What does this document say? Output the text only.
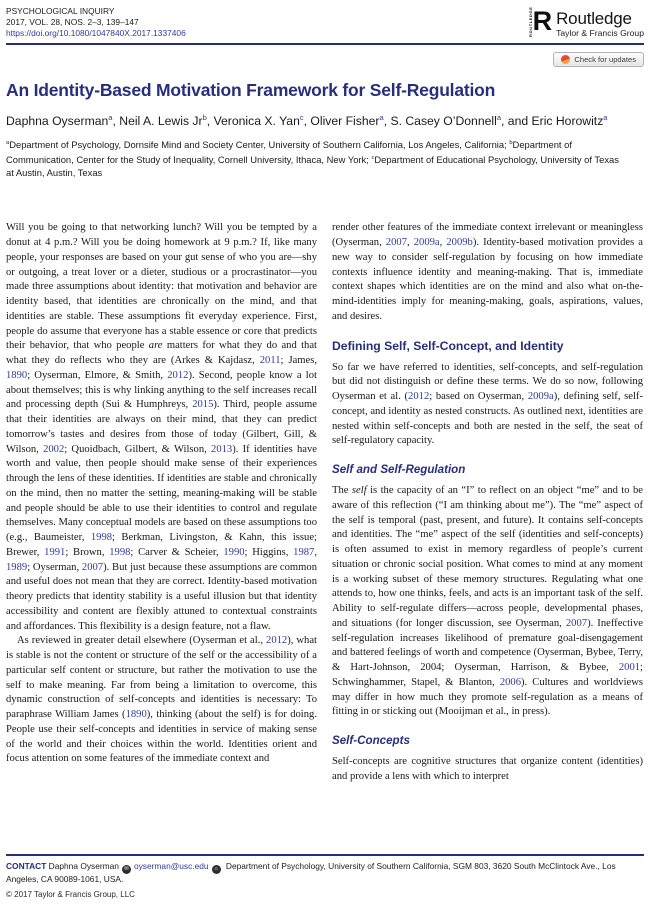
PSYCHOLOGICAL INQUIRY
2017, VOL. 28, NOS. 2–3, 139–147
https://doi.org/10.1080/1047840X.2017.1337406	ROUTLEDGE R Routledge
Taylor & Francis Group
Check for updates
An Identity-Based Motivation Framework for Self-Regulation
Daphna Oyserman$^a$, Neil A. Lewis Jr$^b$, Veronica X. Yan$^c$, Oliver Fisher$^a$, S. Casey O’Donnell$^a$, and Eric Horowitz$^a$
$^a$Department of Psychology, Dornsife Mind and Society Center, University of Southern California, Los Angeles, California; $^b$Department of Communication, Center for the Study of Inequality, Cornell University, Ithaca, New York; $^c$Department of Educational Psychology, University of Texas at Austin, Austin, Texas

Will you be going to that networking lunch? Will you be tempted by a donut at 4 p.m.? Will you be doing homework at 9 p.m.? If, like many people, your responses are based on your gut sense of who you are—shy or outgoing, a treat lover or a dieter, studious or a procrastinator—you made three assumptions about identity: that motivation and behavior are identity based, that identities are chronically on the mind, and that identities are stable. These assumptions fit everyday experience. First, people do assume that everyone has a stable essence or core that predicts their behavior, that who people are matters for what they do and that what they do reflects who they are (Arkes & Kajdasz, 2011; James, 1890; Oyserman, Elmore, & Smith, 2012). Second, people know a lot about themselves; this is why linking anything to the self increases recall and processing depth (Sui & Humphreys, 2015). Third, people assume that their identities are always on their mind, that they can predict tomorrow’s tastes and desires from those of today (Gilbert, Gill, & Wilson, 2002; Quoidbach, Gilbert, & Wilson, 2013). If identities have worth and value, then people should make sense of their experiences through the lens of these identities. If identities are stable and chronically on the mind, then no matter the setting, meaning-making will be stable and people should be able to use their identities to control and regulate themselves. Many conceptual models are based on these assumptions too (e.g., Baumeister, 1998; Berkman, Livingston, & Kahn, this issue; Brewer, 1991; Brown, 1998; Carver & Scheier, 1990; Higgins, 1987, 1989; Oyserman, 2007). But just because these assumptions are common and useful does not mean that they are correct. Identity-based motivation theory predicts that identity stability is a useful illusion but that identity accessibility and content are flexibly attuned to contextual constraints and affordances. This flexibility is a design feature, not a flaw.

As reviewed in greater detail elsewhere (Oyserman et al., 2012), what is stable is not the content or structure of the self or the accessibility of a particular self content or structure, but rather the motivation to use the self to make meaning. Far from being a limitation to overcome, this dynamic construction of self-concepts and identities is necessary: To paraphrase William James (1890), thinking (about the self) is for doing. People use their self-concepts and identities in service of making sense of the world and their choices within the world. Identities orient and focus attention on some features of the immediate context and

render other features of the immediate context irrelevant or meaningless (Oyserman, 2007, 2009a, 2009b). Identity-based motivation provides a new way to consider self-regulation by focusing on how immediate contexts influence identity and meaning-making. That is, immediate context shapes which identities are on the mind and also what on-the-mind-identities imply for meaning-making, goals, aspirations, values, and desires.

Defining Self, Self-Concept, and Identity

So far we have referred to identities, self-concepts, and self-regulation but did not distinguish or define these terms. We do so now, following Oyserman et al. (2012; based on Oyserman, 2009a), defining self, self-concept, and identity as nested constructs. As outlined next, identities are nested within self-concepts and both are nested in the self, the seat of self-regulatory capacity.

Self and Self-Regulation

The self is the capacity of an “I” to reflect on an object “me” and to be aware of this reflection (“I am thinking about me”). The “me” aspect of the self is temporal (past, present, and future). It contains self-concepts and identities. The “me” aspect of the self (identities and self-concepts) is often assumed to exist in memory regardless of people’s current situation or chronic social position. What comes to mind at any moment is a working subset of these memory structures. Regulating what one attends to, how one thinks, feels, and acts is an important task of the self. Ability to self-regulate differs—across people, developmental phases, and situations (for longer discussion, see Oyserman, 2007). Ineffective self-regulation increases likelihood of premature goal-disengagement and battered feelings of worth and competence (Oyserman, Bybee, Terry, & Hart-Johnson, 2004; Oyserman, Harrison, & Bybee, 2001; Schwinghammer, Stapel, & Blanton, 2006). Cultures and worldviews may differ in how much they promote self-regulation as a means of fitting in or sticking out (Mooijman et al., in press).

Self-Concepts

Self-concepts are cognitive structures that organize content (identities) and provide a lens with which to interpret

CONTACT Daphna Oyserman ✉ oyserman@usc.edu ⌂ Department of Psychology, University of Southern California, SGM 803, 3620 South McClintock Ave., Los Angeles, CA 90089-1061, USA.
© 2017 Taylor & Francis Group, LLC
